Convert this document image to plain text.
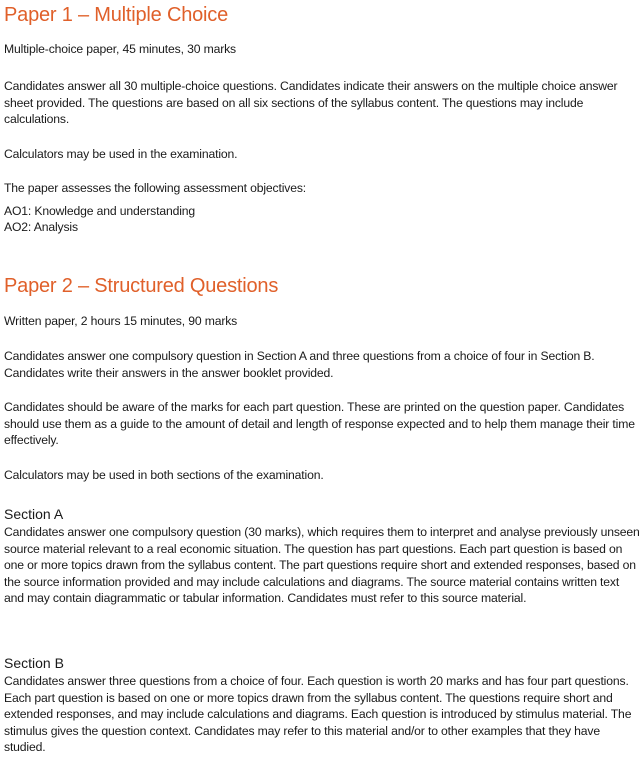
Paper 1 – Multiple Choice

Multiple-choice paper, 45 minutes, 30 marks

Candidates answer all 30 multiple-choice questions. Candidates indicate their answers on the multiple choice answer sheet provided. The questions are based on all six sections of the syllabus content. The questions may include calculations.

Calculators may be used in the examination.

The paper assesses the following assessment objectives:

AO1: Knowledge and understanding

AO2: Analysis

Paper 2 – Structured Questions

Written paper, 2 hours 15 minutes, 90 marks

Candidates answer one compulsory question in Section A and three questions from a choice of four in Section B. Candidates write their answers in the answer booklet provided.

Candidates should be aware of the marks for each part question. These are printed on the question paper. Candidates should use them as a guide to the amount of detail and length of response expected and to help them manage their time effectively.

Calculators may be used in both sections of the examination.

Section A

Candidates answer one compulsory question (30 marks), which requires them to interpret and analyse previously unseen source material relevant to a real economic situation. The question has part questions. Each part question is based on one or more topics drawn from the syllabus content. The part questions require short and extended responses, based on the source information provided and may include calculations and diagrams. The source material contains written text and may contain diagrammatic or tabular information. Candidates must refer to this source material.

Section B

Candidates answer three questions from a choice of four. Each question is worth 20 marks and has four part questions. Each part question is based on one or more topics drawn from the syllabus content. The questions require short and extended responses, and may include calculations and diagrams. Each question is introduced by stimulus material. The stimulus gives the question context. Candidates may refer to this material and/or to other examples that they have studied.
